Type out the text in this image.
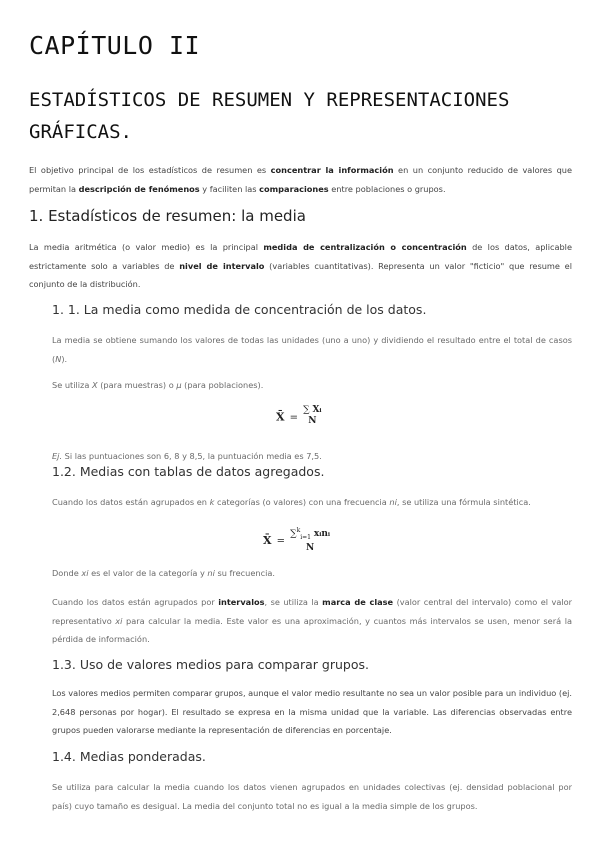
CAPÍTULO II
ESTADÍSTICOS DE RESUMEN Y REPRESENTACIONES GRÁFICAS.

El objetivo principal de los estadísticos de resumen es concentrar la información en un conjunto reducido de valores que permitan la descripción de fenómenos y faciliten las comparaciones entre poblaciones o grupos.

1. Estadísticos de resumen: la media

La media aritmética (o valor medio) es la principal medida de centralización o concentración de los datos, aplicable estrictamente solo a variables de nivel de intervalo (variables cuantitativas). Representa un valor "ficticio" que resume el conjunto de la distribución.

1. 1. La media como medida de concentración de los datos.

La media se obtiene sumando los valores de todas las unidades (uno a uno) y dividiendo el resultado entre el total de casos (N).

Se utiliza X (para muestras) o μ (para poblaciones).

X̄ =
∑ Xᵢ
N

Ej. Si las puntuaciones son 6, 8 y 8,5, la puntuación media es 7,5.

1.2. Medias con tablas de datos agregados.

Cuando los datos están agrupados en k categorías (o valores) con una frecuencia ni, se utiliza una fórmula sintética.

X̄ =
∑$^k_{i=1}$ xᵢnᵢ
N

Donde xi es el valor de la categoría y ni su frecuencia.

Cuando los datos están agrupados por intervalos, se utiliza la marca de clase (valor central del intervalo) como el valor representativo xi para calcular la media. Este valor es una aproximación, y cuantos más intervalos se usen, menor será la pérdida de información.

1.3. Uso de valores medios para comparar grupos.

Los valores medios permiten comparar grupos, aunque el valor medio resultante no sea un valor posible para un individuo (ej. 2,648 personas por hogar). El resultado se expresa en la misma unidad que la variable. Las diferencias observadas entre grupos pueden valorarse mediante la representación de diferencias en porcentaje.

1.4. Medias ponderadas.

Se utiliza para calcular la media cuando los datos vienen agrupados en unidades colectivas (ej. densidad poblacional por país) cuyo tamaño es desigual. La media del conjunto total no es igual a la media simple de los grupos.
